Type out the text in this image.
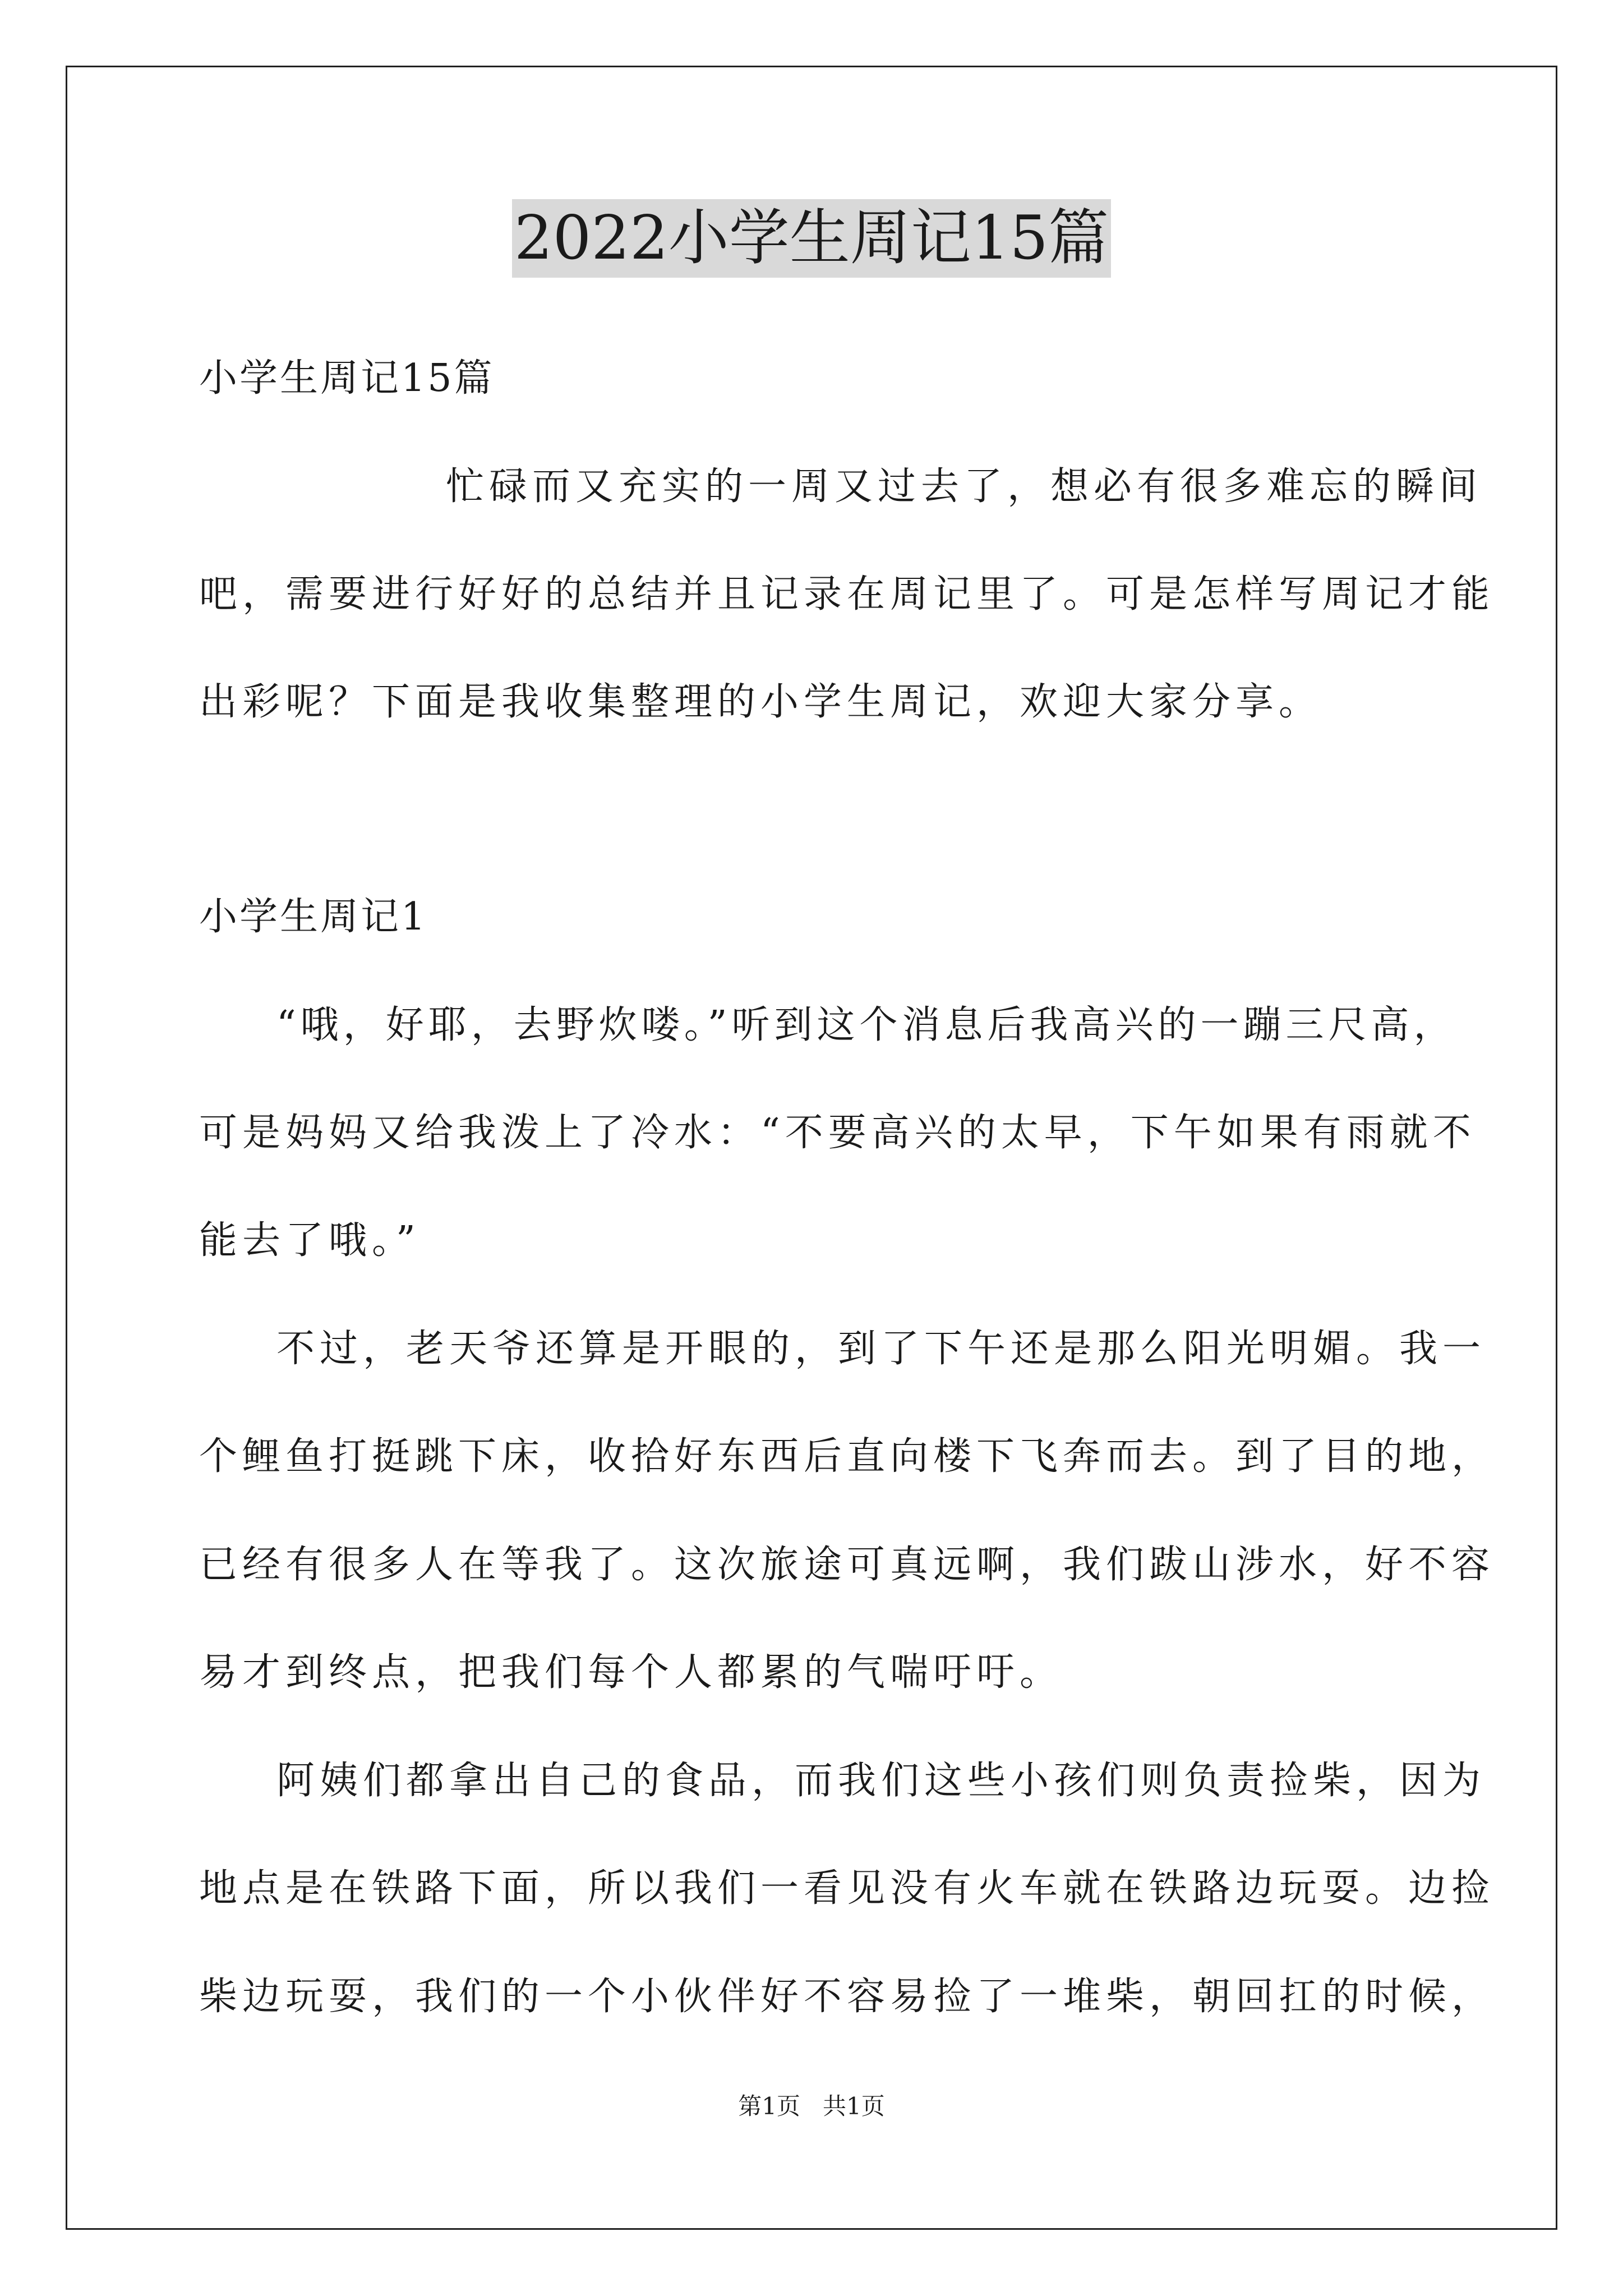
2022小学生周记15篇
小学生周记15篇
忙碌而又充实的一周又过去了，想必有很多难忘的瞬间
吧，需要进行好好的总结并且记录在周记里了。可是怎样写周记才能
出彩呢？下面是我收集整理的小学生周记，欢迎大家分享。
小学生周记1
“哦，好耶，去野炊喽。”听到这个消息后我高兴的一蹦三尺高，
可是妈妈又给我泼上了冷水：“不要高兴的太早，下午如果有雨就不
能去了哦。”
不过，老天爷还算是开眼的，到了下午还是那么阳光明媚。我一
个鲤鱼打挺跳下床，收拾好东西后直向楼下飞奔而去。到了目的地，
已经有很多人在等我了。这次旅途可真远啊，我们跋山涉水，好不容
易才到终点，把我们每个人都累的气喘吁吁。
阿姨们都拿出自己的食品，而我们这些小孩们则负责捡柴，因为
地点是在铁路下面，所以我们一看见没有火车就在铁路边玩耍。边捡
柴边玩耍，我们的一个小伙伴好不容易捡了一堆柴，朝回扛的时候，
第1页   共1页
